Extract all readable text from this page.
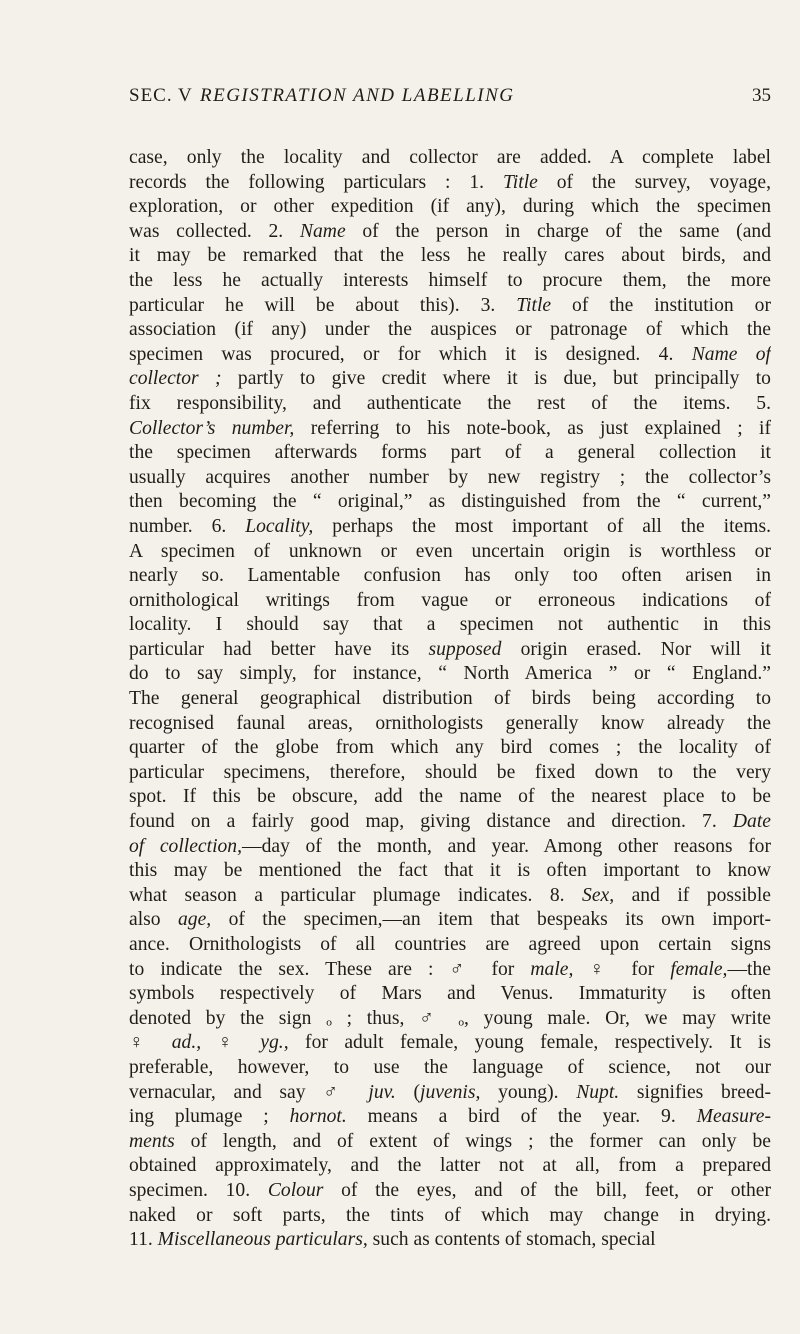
SEC. V REGISTRATION AND LABELLING	35
case, only the locality and collector are added. A complete label
records the following particulars : 1. Title of the survey, voyage,
exploration, or other expedition (if any), during which the specimen
was collected. 2. Name of the person in charge of the same (and
it may be remarked that the less he really cares about birds, and
the less he actually interests himself to procure them, the more
particular he will be about this). 3. Title of the institution or
association (if any) under the auspices or patronage of which the
specimen was procured, or for which it is designed. 4. Name of
collector ; partly to give credit where it is due, but principally to
fix responsibility, and authenticate the rest of the items. 5.
Collector’s number, referring to his note-book, as just explained ; if
the specimen afterwards forms part of a general collection it
usually acquires another number by new registry ; the collector’s
then becoming the “ original,” as distinguished from the “ current,”
number. 6. Locality, perhaps the most important of all the items.
A specimen of unknown or even uncertain origin is worthless or
nearly so. Lamentable confusion has only too often arisen in
ornithological writings from vague or erroneous indications of
locality. I should say that a specimen not authentic in this
particular had better have its supposed origin erased. Nor will it
do to say simply, for instance, “ North America ” or “ England.”
The general geographical distribution of birds being according to
recognised faunal areas, ornithologists generally know already the
quarter of the globe from which any bird comes ; the locality of
particular specimens, therefore, should be fixed down to the very
spot. If this be obscure, add the name of the nearest place to be
found on a fairly good map, giving distance and direction. 7. Date
of collection,—day of the month, and year. Among other reasons for
this may be mentioned the fact that it is often important to know
what season a particular plumage indicates. 8. Sex, and if possible
also age, of the specimen,—an item that bespeaks its own import-
ance. Ornithologists of all countries are agreed upon certain signs
to indicate the sex. These are : ♂ for male, ♀ for female,—the
symbols respectively of Mars and Venus. Immaturity is often
denoted by the sign ₒ ; thus, ♂ ₒ, young male. Or, we may write
♀ ad., ♀ yg., for adult female, young female, respectively. It is
preferable, however, to use the language of science, not our
vernacular, and say ♂ juv. (juvenis, young). Nupt. signifies breed-
ing plumage ; hornot. means a bird of the year. 9. Measure-
ments of length, and of extent of wings ; the former can only be
obtained approximately, and the latter not at all, from a prepared
specimen. 10. Colour of the eyes, and of the bill, feet, or other
naked or soft parts, the tints of which may change in drying.
11. Miscellaneous particulars, such as contents of stomach, special
